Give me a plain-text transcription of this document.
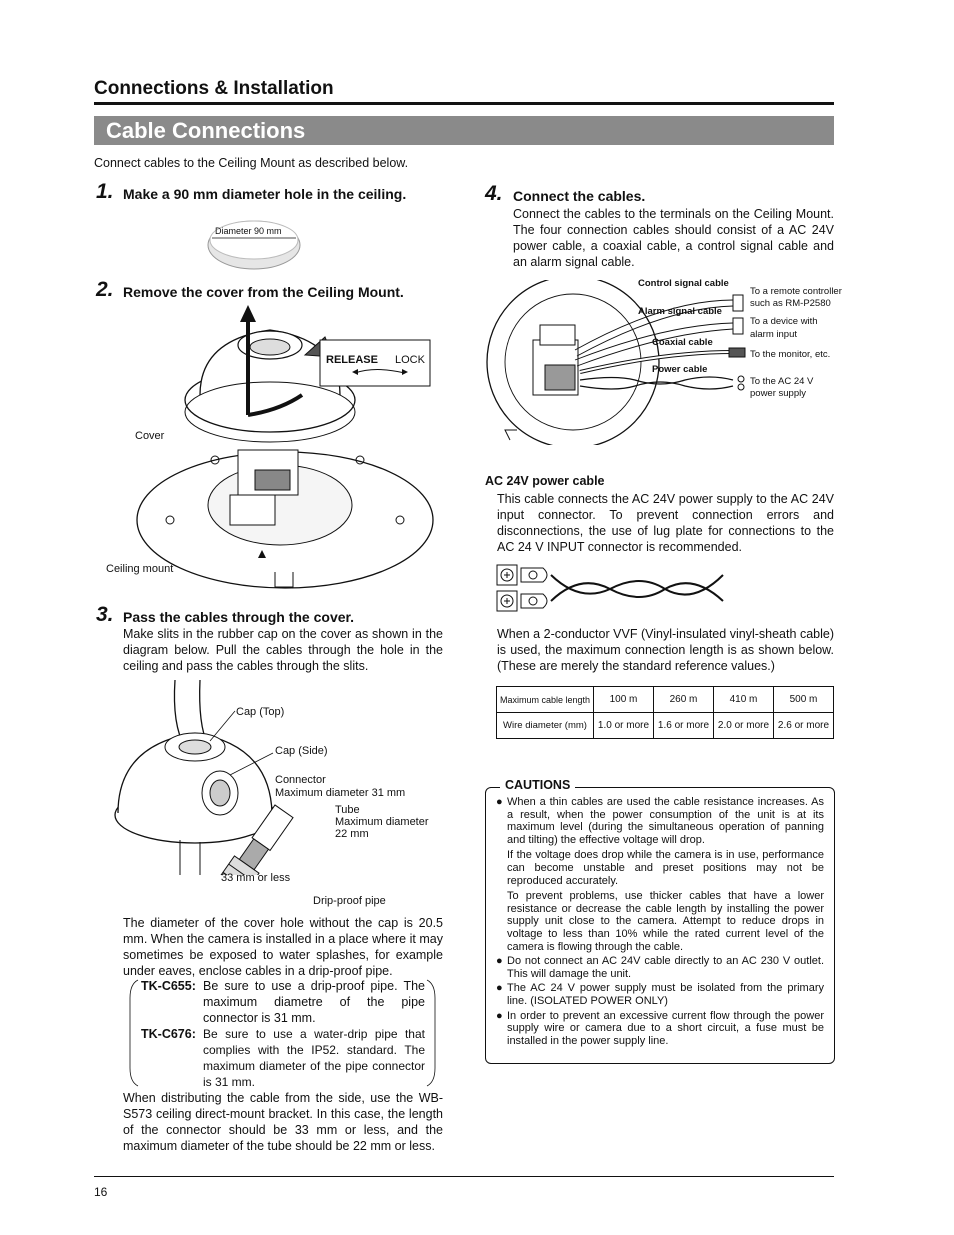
Connections & Installation
Cable Connections
Connect cables to the Ceiling Mount as described below.
1. Make a 90 mm diameter hole in the ceiling.
Diameter 90 mm
2. Remove the cover from the Ceiling Mount.
RELEASE LOCK
Cover
Ceiling mount
3. Pass the cables through the cover.
Make slits in the rubber cap on the cover as shown in the diagram below. Pull the cables through the hole in the ceiling and pass the cables through the slits.
Cap (Top)
Cap (Side)
Connector
Maximum diameter 31 mm
Tube
Maximum diameter
22 mm
33 mm or less
Drip-proof pipe
The diameter of the cover hole without the cap is 20.5 mm. When the camera is installed in a place where it may sometimes be exposed to water splashes, for example under eaves, enclose cables in a drip-proof pipe.
TK-C655: Be sure to use a drip-proof pipe. The maximum diametre of the pipe connector is 31 mm.
TK-C676: Be sure to use a water-drip pipe that complies with the IP52. standard. The maximum diameter of the pipe connector is 31 mm.
When distributing the cable from the side, use the WB-S573 ceiling direct-mount bracket. In this case, the length of the connector should be 33 mm or less, and the maximum diameter of the tube should be 22 mm or less.
4. Connect the cables.
Connect the cables to the terminals on the Ceiling Mount. The four connection cables should consist of a AC 24V power cable, a coaxial cable, a control signal cable and an alarm signal cable.
Control signal cable
To a remote controller
such as RM-P2580
Alarm signal cable
To a device with
alarm input
Coaxial cable
To the monitor, etc.
Power cable
To the AC 24 V
power supply
AC 24V power cable
This cable connects the AC 24V power supply to the AC 24V input connector. To prevent connection errors and disconnections, the use of lug plate for connections to the AC 24 V INPUT connector is recommended.
When a 2-conductor VVF (Vinyl-insulated vinyl-sheath cable) is used, the maximum connection length is as shown below. (These are merely the standard reference values.)
Maximum cable length	100 m	260 m	410 m	500 m
Wire diameter (mm)	1.0 or more	1.6 or more	2.0 or more	2.6 or more
CAUTIONS

● When a thin cables are used the cable resistance increases. As a result, when the power consumption of the unit is at its maximum level (during the simultaneous operation of panning and tilting) the effective voltage will drop.

If the voltage does drop while the camera is in use, performance can become unstable and preset positions may not be reproduced accurately.

To prevent problems, use thicker cables that have a lower resistance or decrease the cable length by installing the power supply unit close to the camera. Attempt to reduce drops in voltage to less than 10% while the rated current level of the camera is flowing through the cable.

● Do not connect an AC 24V cable directly to an AC 230 V outlet. This will damage the unit.

● The AC 24 V power supply must be isolated from the primary line. (ISOLATED POWER ONLY)

● In order to prevent an excessive current flow through the power supply wire or camera due to a short circuit, a fuse must be installed in the power supply line.

16
